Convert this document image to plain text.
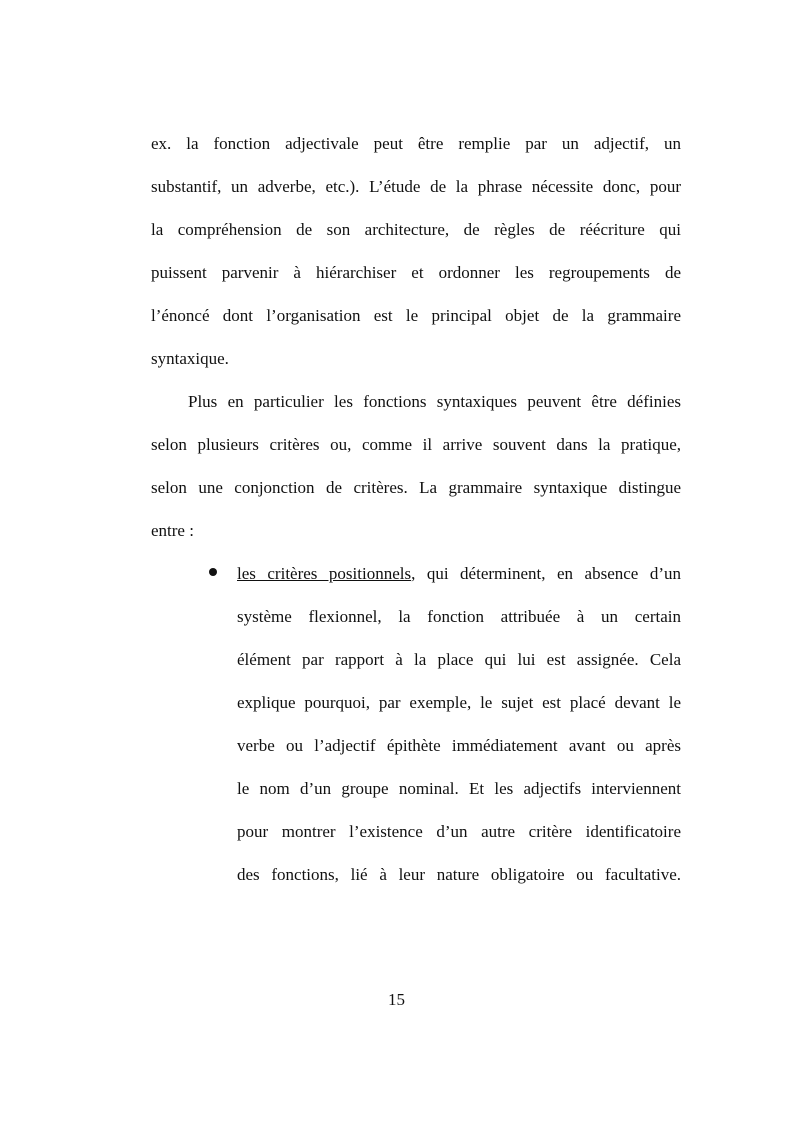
ex. la fonction adjectivale peut être remplie par un adjectif, un
substantif, un adverbe, etc.). L’étude de la phrase nécessite donc, pour
la compréhension de son architecture, de règles de réécriture qui
puissent parvenir à hiérarchiser et ordonner les regroupements de
l’énoncé dont l’organisation est le principal objet de la grammaire
syntaxique.
Plus en particulier les fonctions syntaxiques peuvent être définies
selon plusieurs critères ou, comme il arrive souvent dans la pratique,
selon une conjonction de critères. La grammaire syntaxique distingue
entre :
les critères positionnels, qui déterminent, en absence d’un
système flexionnel, la fonction attribuée à un certain
élément par rapport à la place qui lui est assignée. Cela
explique pourquoi, par exemple, le sujet est placé devant le
verbe ou l’adjectif épithète immédiatement avant ou après
le nom d’un groupe nominal. Et les adjectifs interviennent
pour montrer l’existence d’un autre critère identificatoire
des fonctions, lié à leur nature obligatoire ou facultative.
15
